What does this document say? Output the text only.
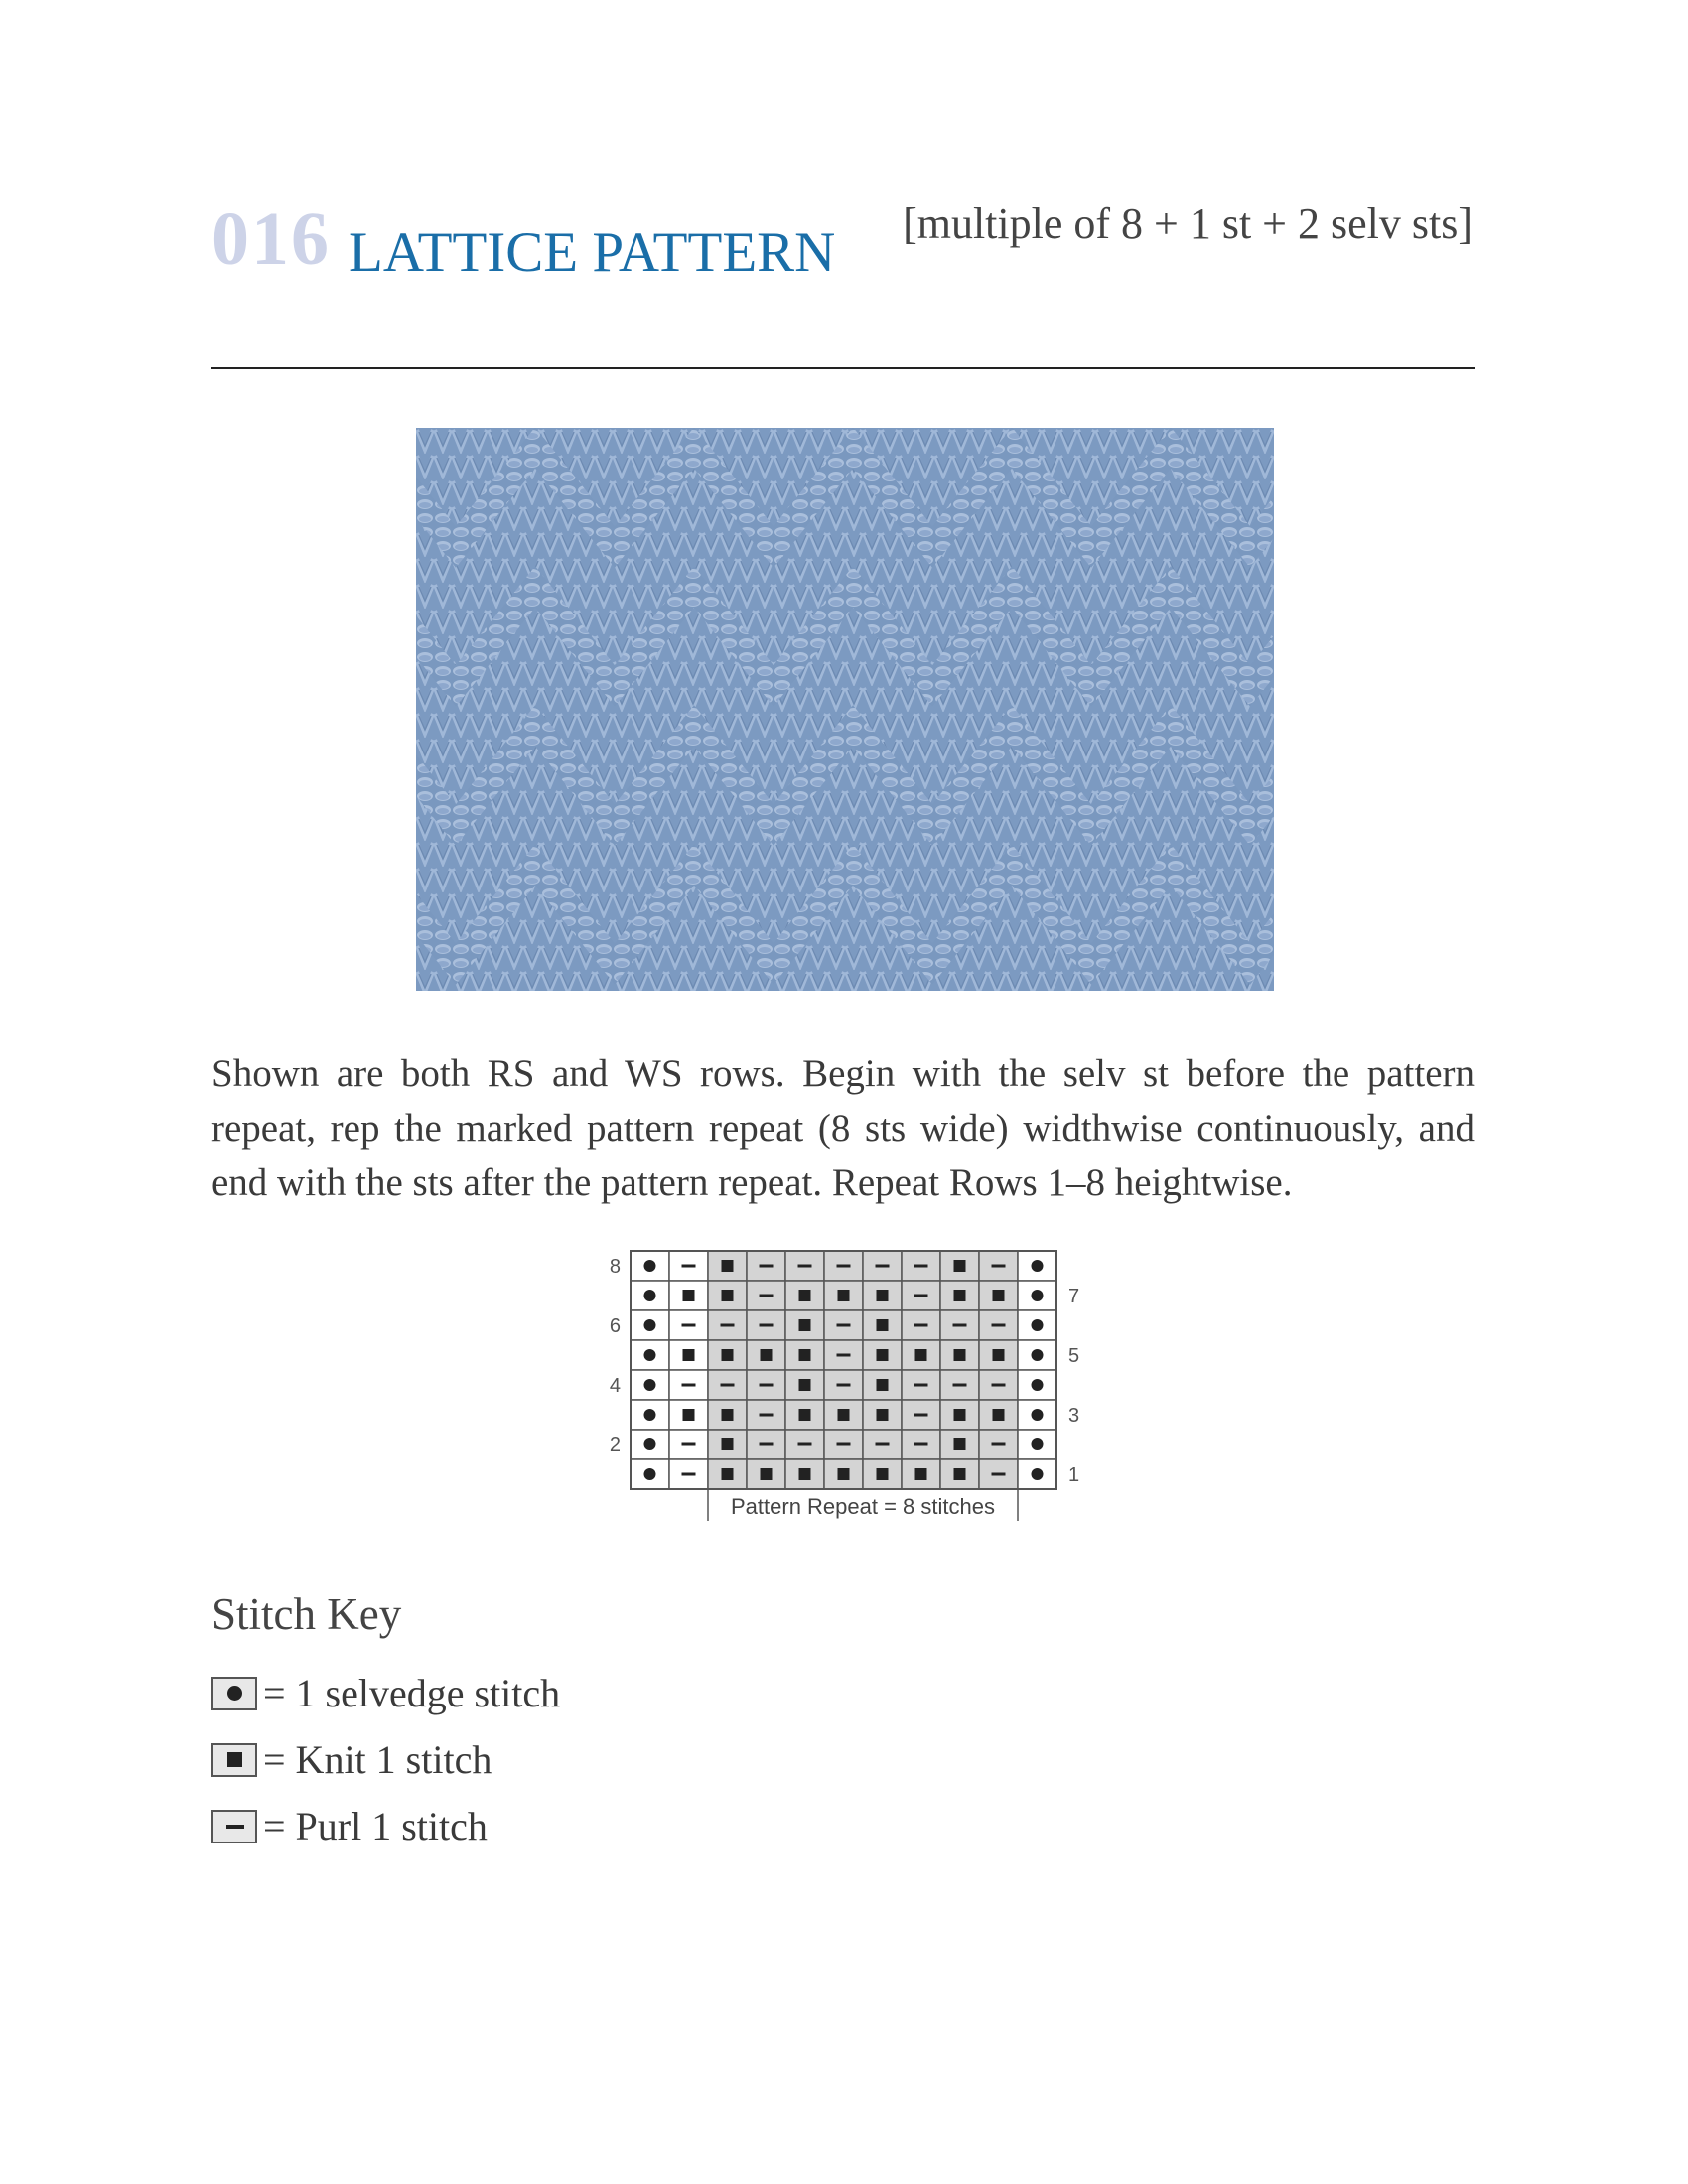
016 LATTICE PATTERN [multiple of 8 + 1 st + 2 selv sts]

Shown are both RS and WS rows. Begin with the selv st before the pattern repeat, rep the marked pattern repeat (8 sts wide) widthwise continuously, and end with the sts after the pattern repeat. Repeat Rows 1–8 heightwise.

8
7
6
5
4
3
2
1
Pattern Repeat = 8 stitches
Stitch Key
= 1 selvedge stitch
= Knit 1 stitch
= Purl 1 stitch
